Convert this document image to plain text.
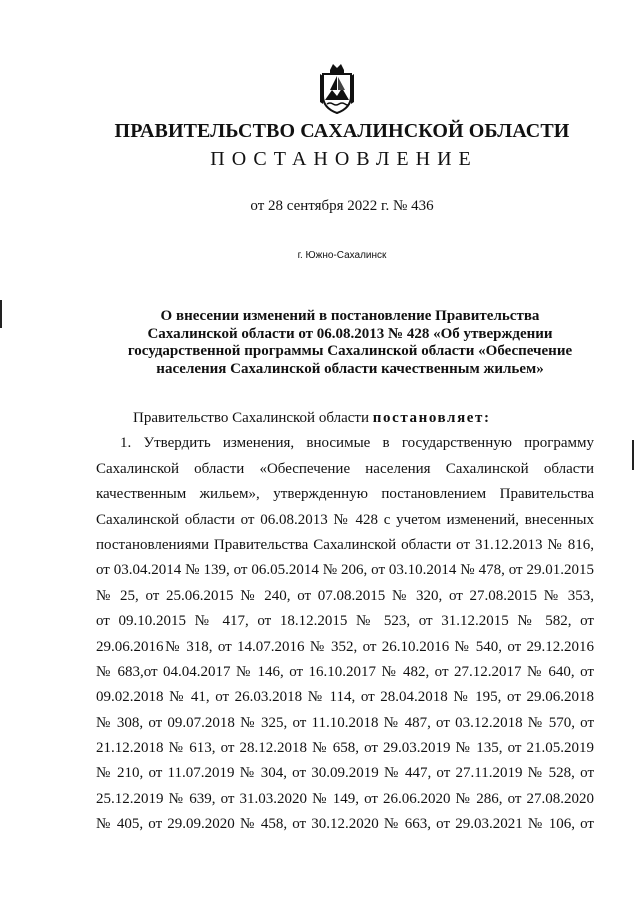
ПРАВИТЕЛЬСТВО САХАЛИНСКОЙ ОБЛАСТИ
ПОСТАНОВЛЕНИЕ
от 28 сентября 2022 г. № 436
г. Южно-Сахалинск
О внесении изменений в постановление Правительства
Сахалинской области от 06.08.2013 № 428 «Об утверждении
государственной программы Сахалинской области «Обеспечение
населения Сахалинской области качественным жильем»
Правительство Сахалинской области постановляет:
1. Утвердить изменения, вносимые в государственную программу
Сахалинской области «Обеспечение населения Сахалинской области
качественным жильем», утвержденную постановлением Правительства
Сахалинской области от 06.08.2013 № 428 с учетом изменений, внесенных
постановлениями Правительства Сахалинской области от 31.12.2013 № 816,
от 03.04.2014 № 139, от 06.05.2014 № 206, от 03.10.2014 № 478, от 29.01.2015
№ 25, от 25.06.2015 № 240, от 07.08.2015 № 320, от 27.08.2015 № 353,
от 09.10.2015 № 417, от 18.12.2015 № 523, от 31.12.2015 № 582, от
29.06.2016№ 318, от 14.07.2016 № 352, от 26.10.2016 № 540, от 29.12.2016
№ 683,от 04.04.2017 № 146, от 16.10.2017 № 482, от 27.12.2017 № 640, от
09.02.2018 № 41, от 26.03.2018 № 114, от 28.04.2018 № 195, от 29.06.2018
№ 308, от 09.07.2018 № 325, от 11.10.2018 № 487, от 03.12.2018 № 570, от
21.12.2018 № 613, от 28.12.2018 № 658, от 29.03.2019 № 135, от 21.05.2019
№ 210, от 11.07.2019 № 304, от 30.09.2019 № 447, от 27.11.2019 № 528, от
25.12.2019 № 639, от 31.03.2020 № 149, от 26.06.2020 № 286, от 27.08.2020
№ 405, от 29.09.2020 № 458, от 30.12.2020 № 663, от 29.03.2021 № 106, от
